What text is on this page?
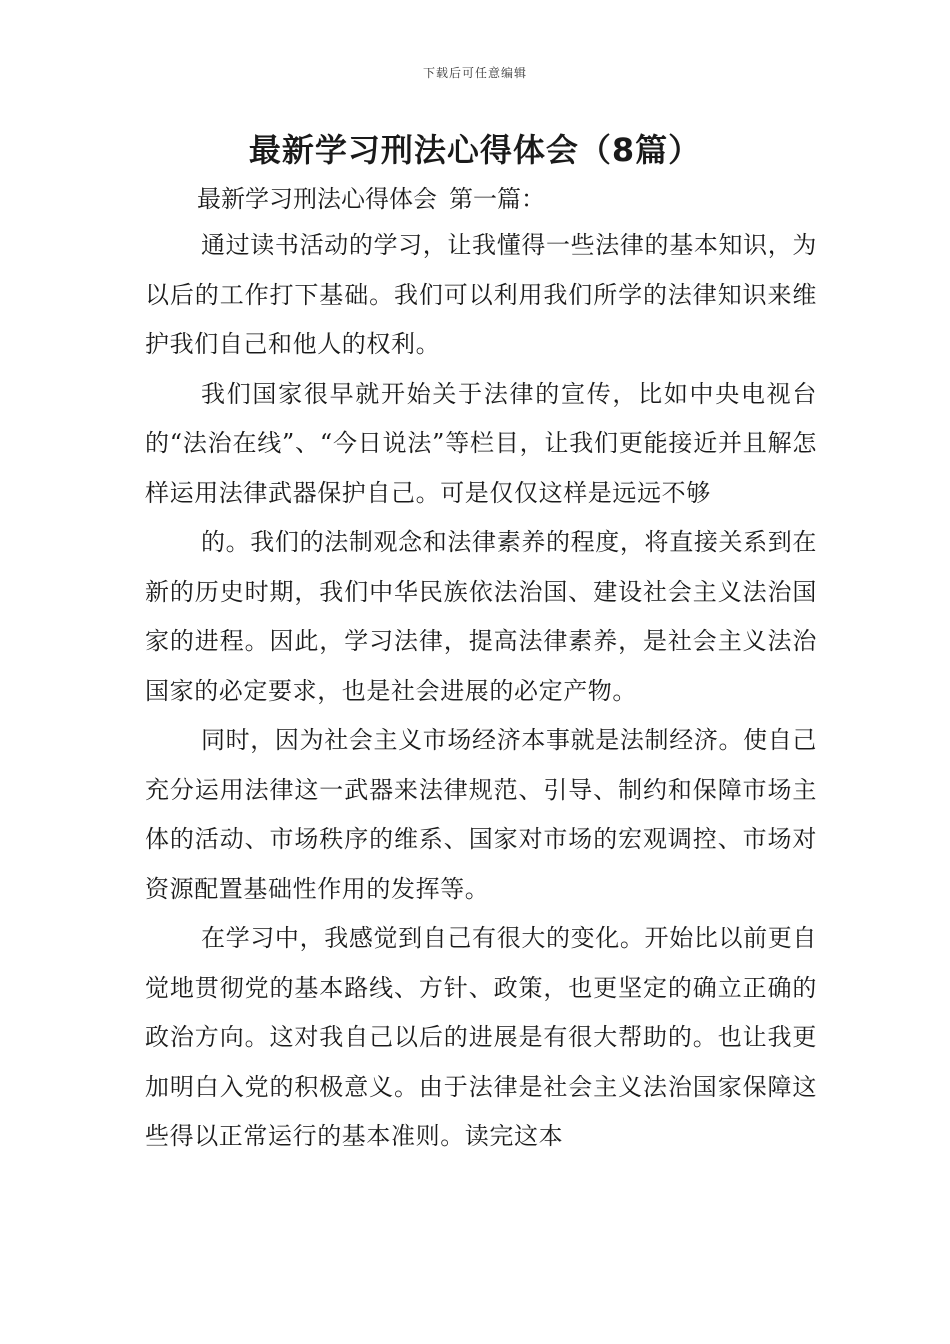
下载后可任意编辑
最新学习刑法心得体会（8篇）
最新学习刑法心得体会 第一篇：

通过读书活动的学习，让我懂得一些法律的基本知识，为以后的工作打下基础。我们可以利用我们所学的法律知识来维护我们自己和他人的权利。

我们国家很早就开始关于法律的宣传，比如中央电视台的“法治在线”、“今日说法”等栏目，让我们更能接近并且解怎样运用法律武器保护自己。可是仅仅这样是远远不够

的。我们的法制观念和法律素养的程度，将直接关系到在新的历史时期，我们中华民族依法治国、建设社会主义法治国家的进程。因此，学习法律，提高法律素养，是社会主义法治国家的必定要求，也是社会进展的必定产物。

同时，因为社会主义市场经济本事就是法制经济。使自己充分运用法律这一武器来法律规范、引导、制约和保障市场主体的活动、市场秩序的维系、国家对市场的宏观调控、市场对资源配置基础性作用的发挥等。

在学习中，我感觉到自己有很大的变化。开始比以前更自觉地贯彻党的基本路线、方针、政策，也更坚定的确立正确的政治方向。这对我自己以后的进展是有很大帮助的。也让我更加明白入党的积极意义。由于法律是社会主义法治国家保障这些得以正常运行的基本准则。读完这本
